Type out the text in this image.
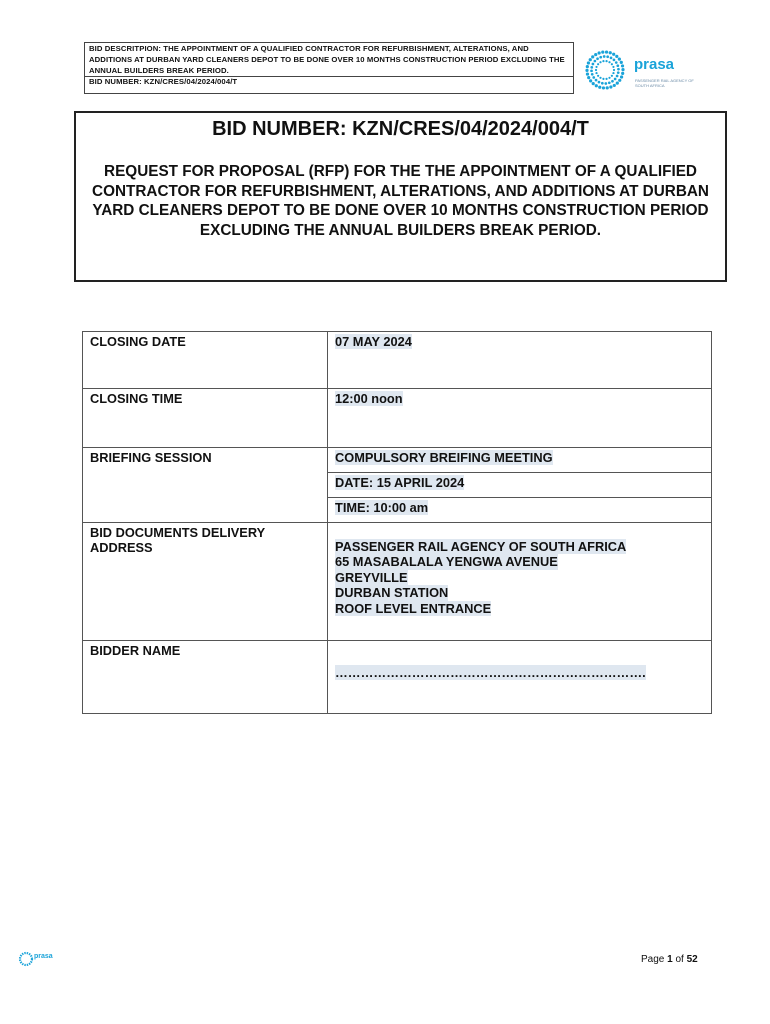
BID DESCRITPION: THE APPOINTMENT OF A QUALIFIED CONTRACTOR FOR REFURBISHMENT, ALTERATIONS, AND ADDITIONS AT DURBAN YARD CLEANERS DEPOT TO BE DONE OVER 10 MONTHS CONSTRUCTION PERIOD EXCLUDING THE ANNUAL BUILDERS BREAK PERIOD.
BID NUMBER: KZN/CRES/04/2024/004/T
prasa
PASSENGER RAIL AGENCY OF SOUTH AFRICA
BID NUMBER: KZN/CRES/04/2024/004/T
REQUEST FOR PROPOSAL (RFP) FOR THE THE APPOINTMENT OF A QUALIFIED CONTRACTOR FOR REFURBISHMENT, ALTERATIONS, AND ADDITIONS AT DURBAN YARD CLEANERS DEPOT TO BE DONE OVER 10 MONTHS CONSTRUCTION PERIOD EXCLUDING THE ANNUAL BUILDERS BREAK PERIOD.
CLOSING DATE	07 MAY 2024
CLOSING TIME	12:00 noon
BRIEFING SESSION	COMPULSORY BREIFING MEETING
	DATE: 15 APRIL 2024
	TIME: 10:00 am
BID DOCUMENTS DELIVERY ADDRESS	PASSENGER RAIL AGENCY OF SOUTH AFRICA
65 MASABALALA YENGWA AVENUE
GREYVILLE
DURBAN STATION
ROOF LEVEL ENTRANCE
BIDDER NAME	……………………………………………………………….
prasa	Page 1 of 52
